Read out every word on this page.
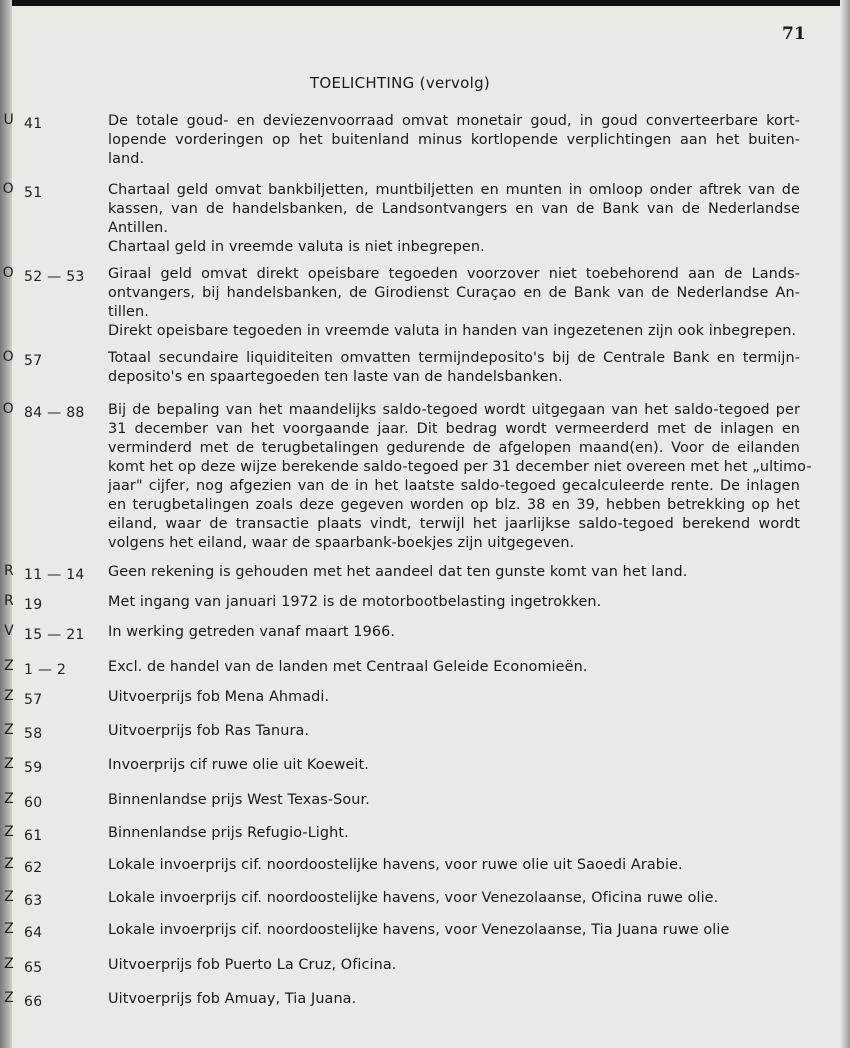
71
TOELICHTING (vervolg)
U 41	De totale goud- en deviezenvoorraad omvat monetair goud, in goud converteerbare kort-
lopende vorderingen op het buitenland minus kortlopende verplichtingen aan het buiten-
land.
O 51	Chartaal geld omvat bankbiljetten, muntbiljetten en munten in omloop onder aftrek van de
kassen, van de handelsbanken, de Landsontvangers en van de Bank van de Nederlandse
Antillen.
Chartaal geld in vreemde valuta is niet inbegrepen.
O 52 — 53 Giraal geld omvat direkt opeisbare tegoeden voorzover niet toebehorend aan de Lands-
ontvangers, bij handelsbanken, de Girodienst Curaçao en de Bank van de Nederlandse An-
tillen.
Direkt opeisbare tegoeden in vreemde valuta in handen van ingezetenen zijn ook inbegrepen.
O 57	Totaal secundaire liquiditeiten omvatten termijndeposito's bij de Centrale Bank en termijn-
deposito's en spaartegoeden ten laste van de handelsbanken.
O 84 — 88 Bij de bepaling van het maandelijks saldo-tegoed wordt uitgegaan van het saldo-tegoed per
31 december van het voorgaande jaar. Dit bedrag wordt vermeerderd met de inlagen en
verminderd met de terugbetalingen gedurende de afgelopen maand(en). Voor de eilanden
komt het op deze wijze berekende saldo-tegoed per 31 december niet overeen met het „ultimo-
jaar" cijfer, nog afgezien van de in het laatste saldo-tegoed gecalculeerde rente. De inlagen
en terugbetalingen zoals deze gegeven worden op blz. 38 en 39, hebben betrekking op het
eiland, waar de transactie plaats vindt, terwijl het jaarlijkse saldo-tegoed berekend wordt
volgens het eiland, waar de spaarbank-boekjes zijn uitgegeven.
R 11 — 14 Geen rekening is gehouden met het aandeel dat ten gunste komt van het land.
R 19	Met ingang van januari 1972 is de motorbootbelasting ingetrokken.
V 15 — 21 In werking getreden vanaf maart 1966.
Z 1 — 2	Excl. de handel van de landen met Centraal Geleide Economieën.
Z 57	Uitvoerprijs fob Mena Ahmadi.
Z 58	Uitvoerprijs fob Ras Tanura.
Z 59	Invoerprijs cif ruwe olie uit Koeweit.
Z 60	Binnenlandse prijs West Texas-Sour.
Z 61	Binnenlandse prijs Refugio-Light.
Z 62	Lokale invoerprijs cif. noordoostelijke havens, voor ruwe olie uit Saoedi Arabie.
Z 63	Lokale invoerprijs cif. noordoostelijke havens, voor Venezolaanse, Oficina ruwe olie.
Z 64	Lokale invoerprijs cif. noordoostelijke havens, voor Venezolaanse, Tia Juana ruwe olie
Z 65	Uitvoerprijs fob Puerto La Cruz, Oficina.
Z 66	Uitvoerprijs fob Amuay, Tia Juana.
